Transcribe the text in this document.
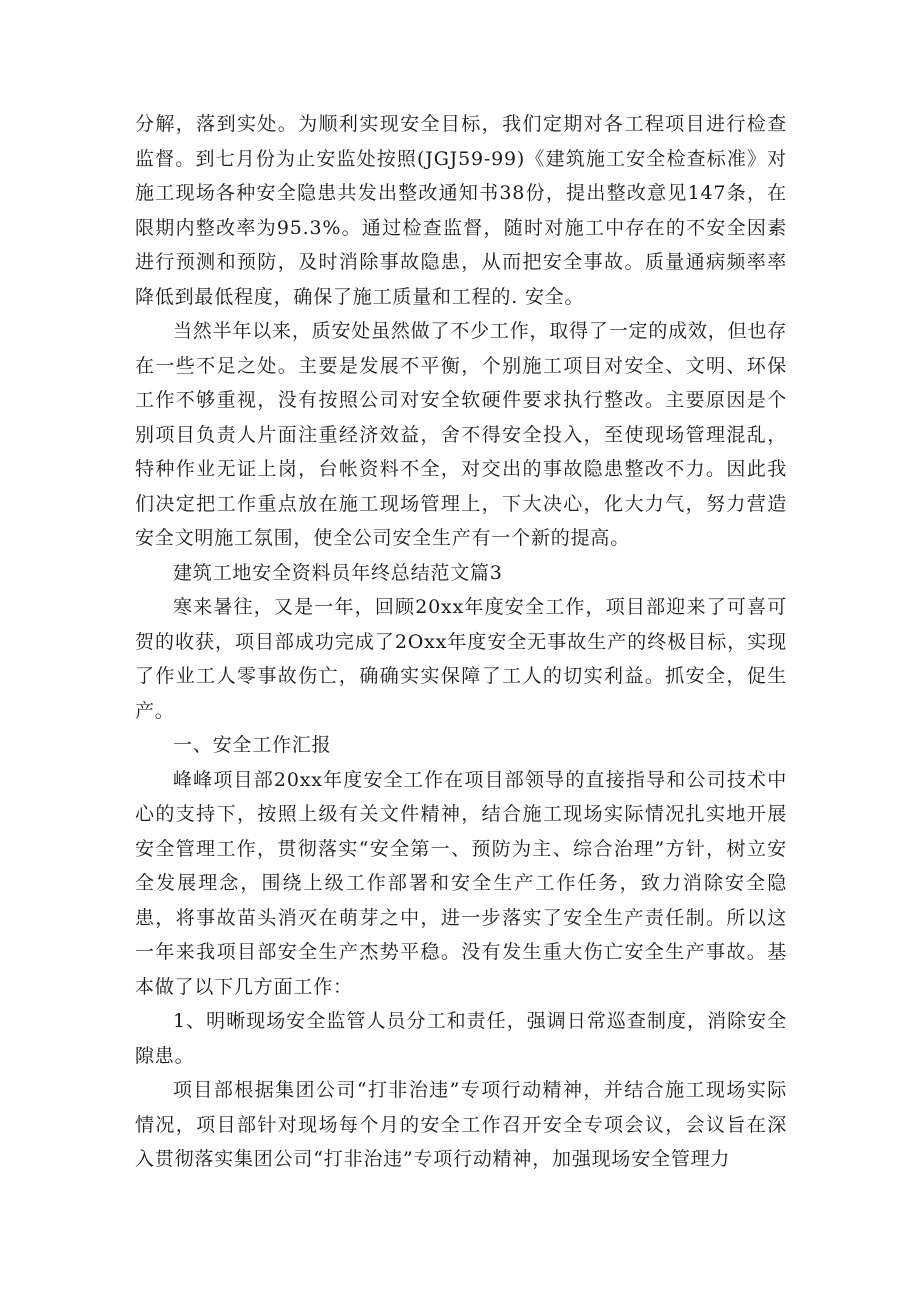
分解，落到实处。为顺利实现安全目标，我们定期对各工程项目进行检查监督。到七月份为止安监处按照(JGJ59-99)《建筑施工安全检查标准》对施工现场各种安全隐患共发出整改通知书38份，提出整改意见147条，在限期内整改率为95.3%。通过检查监督，随时对施工中存在的不安全因素进行预测和预防，及时消除事故隐患，从而把安全事故。质量通病频率率降低到最低程度，确保了施工质量和工程的. 安全。

当然半年以来，质安处虽然做了不少工作，取得了一定的成效，但也存在一些不足之处。主要是发展不平衡，个别施工项目对安全、文明、环保工作不够重视，没有按照公司对安全软硬件要求执行整改。主要原因是个别项目负责人片面注重经济效益，舍不得安全投入，至使现场管理混乱，特种作业无证上岗，台帐资料不全，对交出的事故隐患整改不力。因此我们决定把工作重点放在施工现场管理上，下大决心，化大力气，努力营造安全文明施工氛围，使全公司安全生产有一个新的提高。

建筑工地安全资料员年终总结范文篇3

寒来暑往，又是一年，回顾20xx年度安全工作，项目部迎来了可喜可贺的收获，项目部成功完成了2Oxx年度安全无事故生产的终极目标，实现了作业工人零事故伤亡，确确实实保障了工人的切实利益。抓安全，促生产。

一、安全工作汇报

峰峰项目部20xx年度安全工作在项目部领导的直接指导和公司技术中心的支持下，按照上级有关文件精神，结合施工现场实际情况扎实地开展安全管理工作，贯彻落实“安全第一、预防为主、综合治理”方针，树立安全发展理念，围绕上级工作部署和安全生产工作任务，致力消除安全隐患，将事故苗头消灭在萌芽之中，进一步落实了安全生产责任制。所以这一年来我项目部安全生产杰势平稳。没有发生重大伤亡安全生产事故。基本做了以下几方面工作：

1、明晰现场安全监管人员分工和责任，强调日常巡查制度，消除安全隙患。

项目部根据集团公司“打非治违”专项行动精神，并结合施工现场实际情况，项目部针对现场每个月的安全工作召开安全专项会议，会议旨在深入贯彻落实集团公司“打非治违”专项行动精神，加强现场安全管理力
